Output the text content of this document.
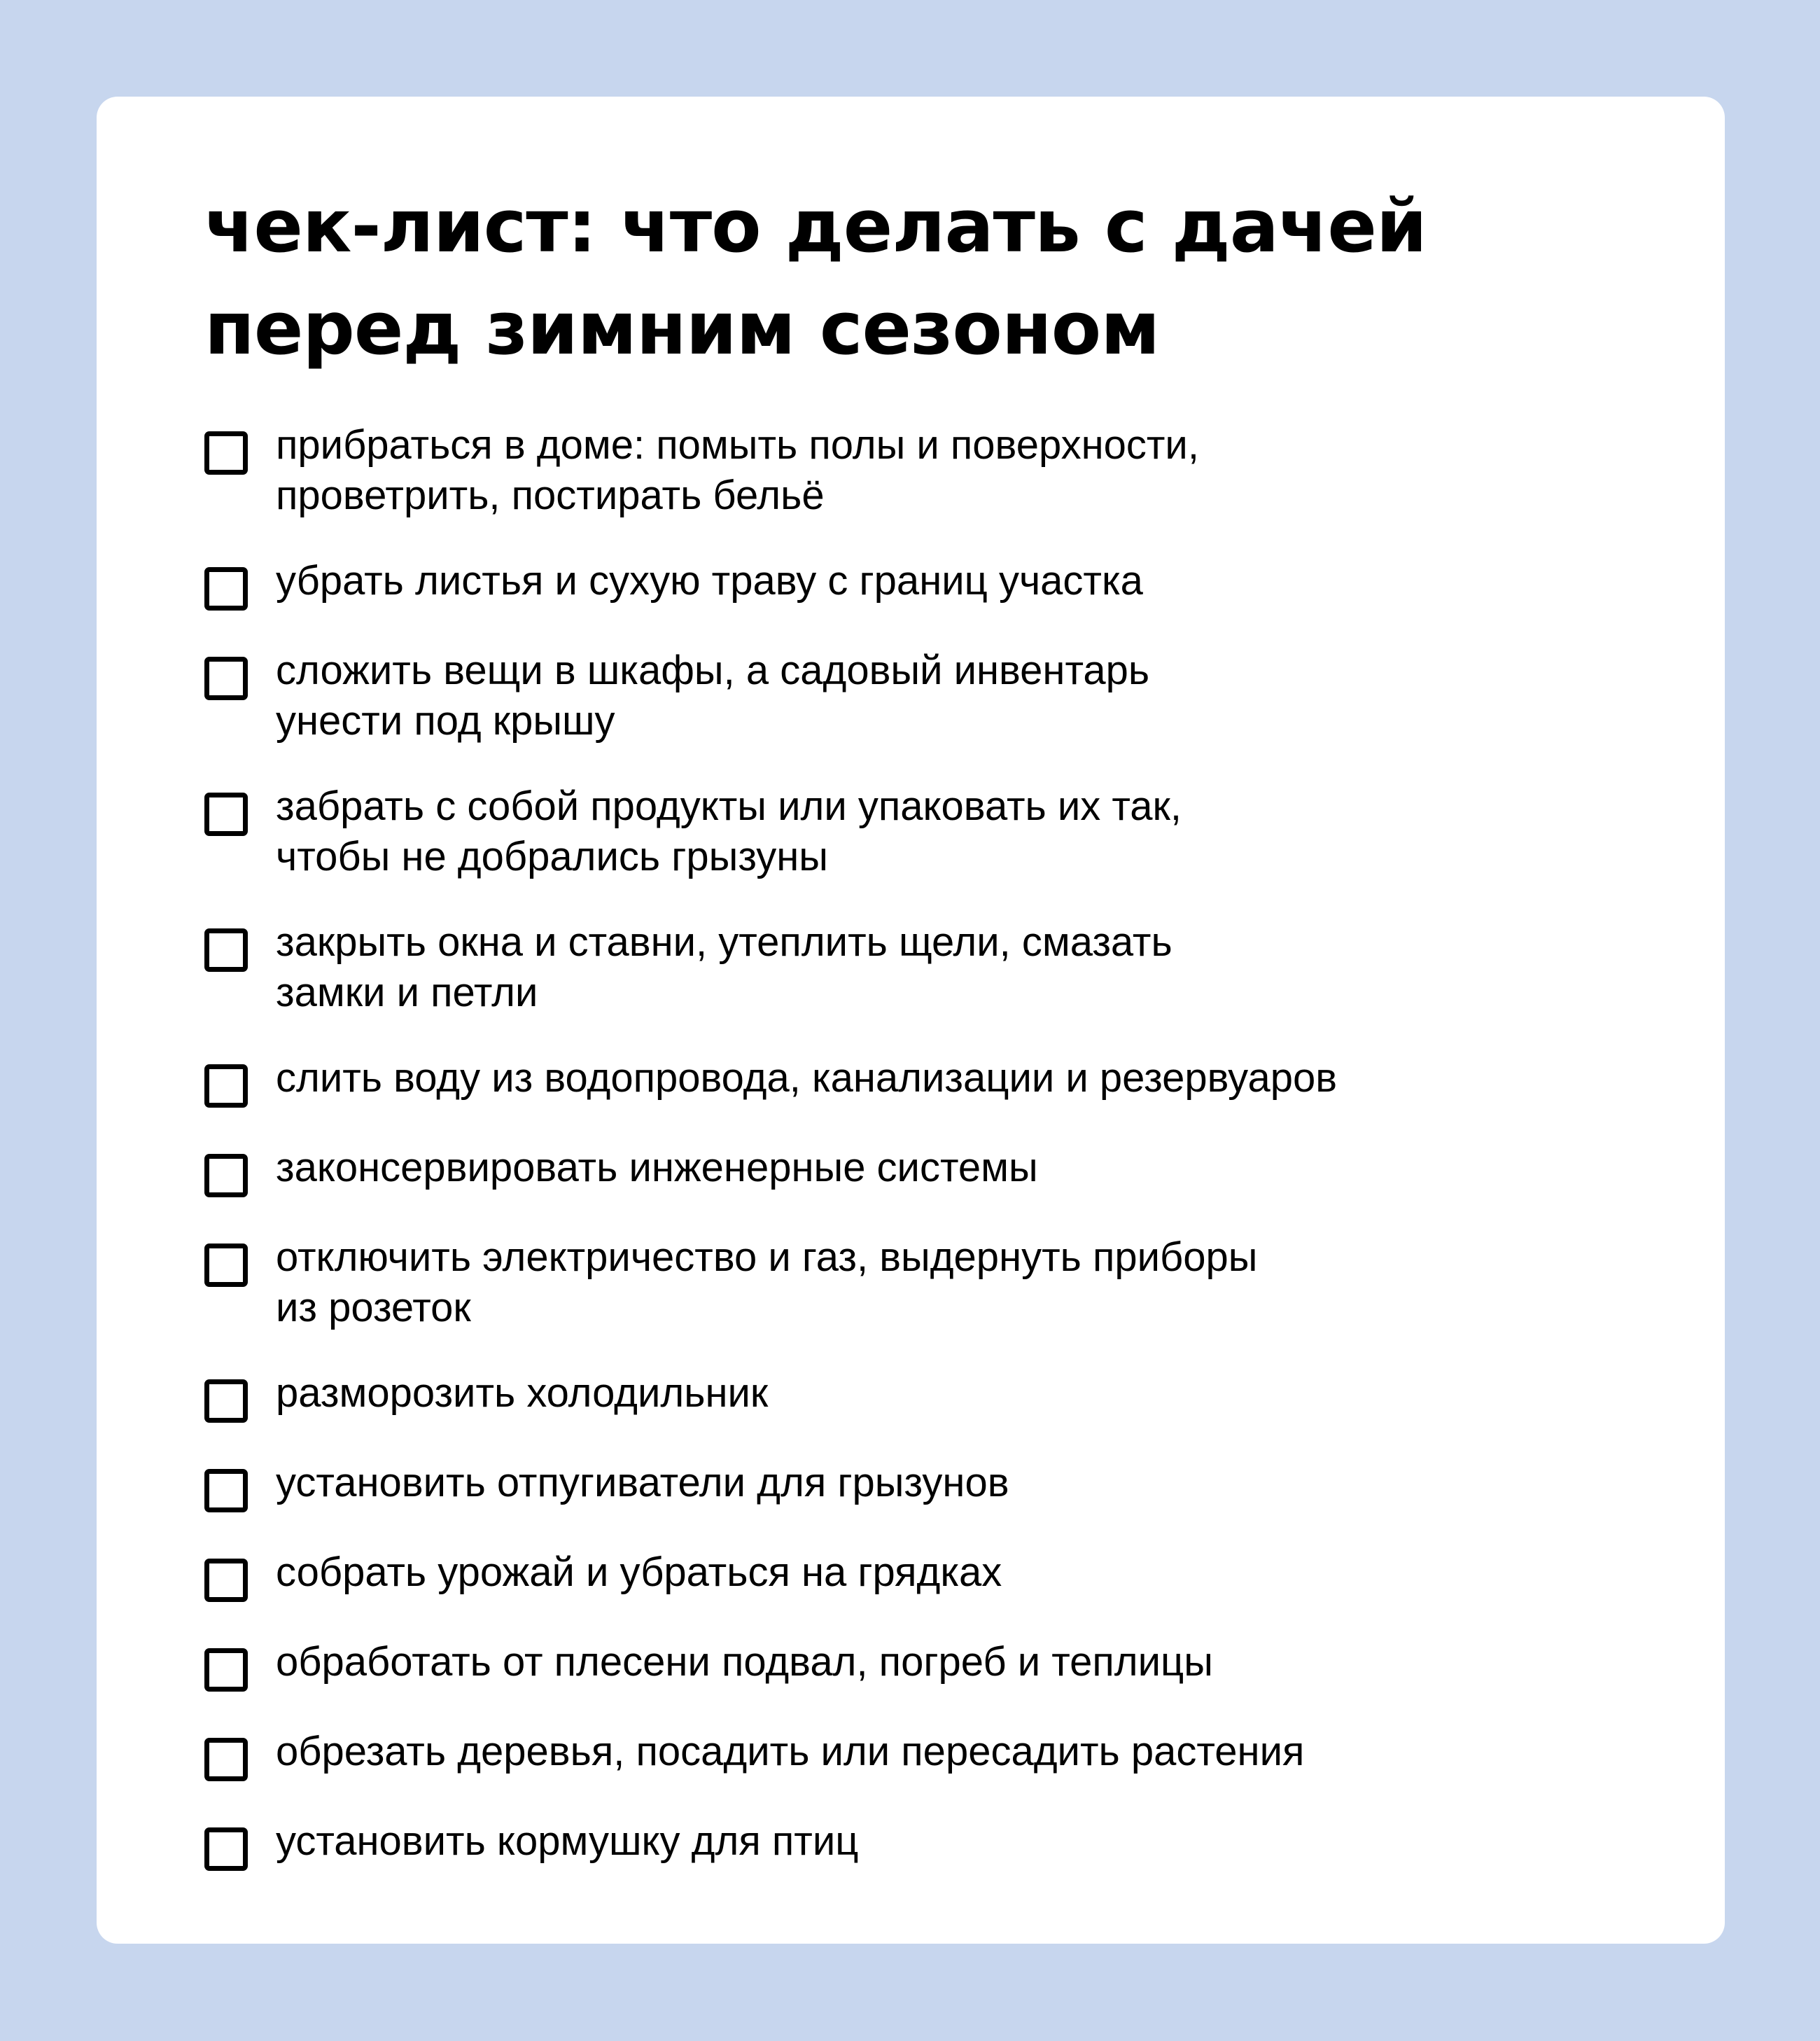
чек-лист: что делать с дачей
перед зимним сезоном
прибраться в доме: помыть полы и поверхности,
проветрить, постирать бельё
убрать листья и сухую траву с границ участка
сложить вещи в шкафы, а садовый инвентарь
унести под крышу
забрать с собой продукты или упаковать их так,
чтобы не добрались грызуны
закрыть окна и ставни, утеплить щели, смазать
замки и петли
слить воду из водопровода, канализации и резервуаров
законсервировать инженерные системы
отключить электричество и газ, выдернуть приборы
из розеток
разморозить холодильник
установить отпугиватели для грызунов
собрать урожай и убраться на грядках
обработать от плесени подвал, погреб и теплицы
обрезать деревья, посадить или пересадить растения
установить кормушку для птиц
